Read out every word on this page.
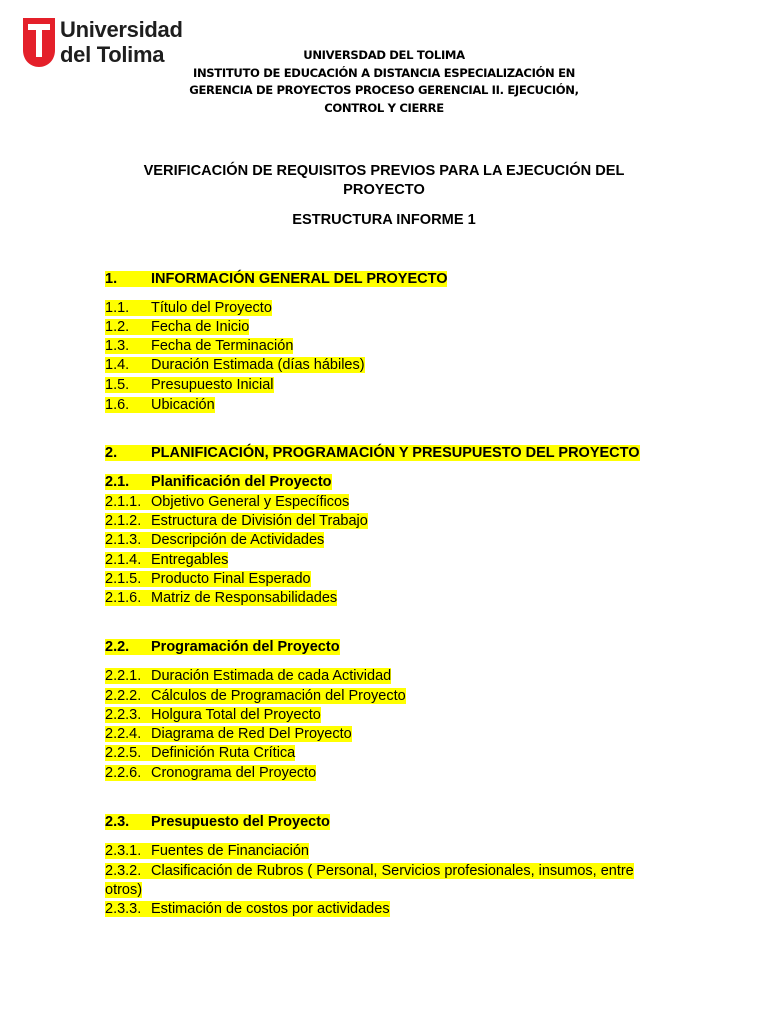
Universidad
del Tolima	UNIVERSDAD DEL TOLIMA
INSTITUTO DE EDUCACIÓN A DISTANCIA ESPECIALIZACIÓN EN
GERENCIA DE PROYECTOS PROCESO GERENCIAL II. EJECUCIÓN,
CONTROL Y CIERRE
VERIFICACIÓN DE REQUISITOS PREVIOS PARA LA EJECUCIÓN DEL
PROYECTO
ESTRUCTURA INFORME 1
1. INFORMACIÓN GENERAL DEL PROYECTO
1.1. Título del Proyecto
1.2. Fecha de Inicio
1.3. Fecha de Terminación
1.4. Duración Estimada (días hábiles)
1.5. Presupuesto Inicial
1.6. Ubicación
2. PLANIFICACIÓN, PROGRAMACIÓN Y PRESUPUESTO DEL PROYECTO
2.1. Planificación del Proyecto
2.1.1. Objetivo General y Específicos
2.1.2. Estructura de División del Trabajo
2.1.3. Descripción de Actividades
2.1.4. Entregables
2.1.5. Producto Final Esperado
2.1.6. Matriz de Responsabilidades
2.2. Programación del Proyecto
2.2.1. Duración Estimada de cada Actividad
2.2.2. Cálculos de Programación del Proyecto
2.2.3. Holgura Total del Proyecto
2.2.4. Diagrama de Red Del Proyecto
2.2.5. Definición Ruta Crítica
2.2.6. Cronograma del Proyecto
2.3. Presupuesto del Proyecto
2.3.1. Fuentes de Financiación
2.3.2. Clasificación de Rubros ( Personal, Servicios profesionales, insumos, entre
otros)
2.3.3. Estimación de costos por actividades
